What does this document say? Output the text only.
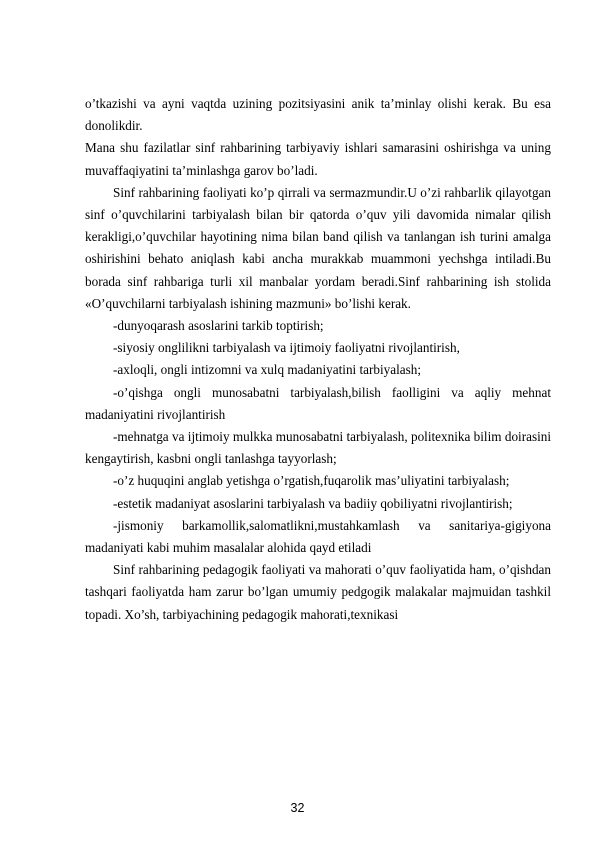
o’tkazishi va ayni vaqtda uzining pozitsiyasini anik ta’minlay olishi kerak. Bu esa donolikdir.

Mana shu fazilatlar sinf rahbarining tarbiyaviy ishlari samarasini oshirishga va uning muvaffaqiyatini ta’minlashga garov bo’ladi.

Sinf rahbarining faoliyati ko’p qirrali va sermazmundir.U o’zi rahbarlik qilayotgan sinf o’quvchilarini tarbiyalash bilan bir qatorda o’quv yili davomida nimalar qilish kerakligi,o’quvchilar hayotining nima bilan band qilish va tanlangan ish turini amalga oshirishini behato aniqlash kabi ancha murakkab muammoni yechshga intiladi.Bu borada sinf rahbariga turli xil manbalar yordam beradi.Sinf rahbarining ish stolida «O’quvchilarni tarbiyalash ishining mazmuni» bo’lishi kerak.

-dunyoqarash asoslarini tarkib toptirish;

-siyosiy onglilikni tarbiyalash va ijtimoiy faoliyatni rivojlantirish,

-axloqli, ongli intizomni va xulq madaniyatini tarbiyalash;

-o’qishga ongli munosabatni tarbiyalash,bilish faolligini va aqliy mehnat madaniyatini rivojlantirish

-mehnatga va ijtimoiy mulkka munosabatni tarbiyalash, politexnika bilim doirasini kengaytirish, kasbni ongli tanlashga tayyorlash;

-o’z huquqini anglab yetishga o’rgatish,fuqarolik mas’uliyatini tarbiyalash;

-estetik madaniyat asoslarini tarbiyalash va badiiy qobiliyatni rivojlantirish;

-jismoniy barkamollik,salomatlikni,mustahkamlash va sanitariya-gigiyona madaniyati kabi muhim masalalar alohida qayd etiladi

Sinf rahbarining pedagogik faoliyati va mahorati o’quv faoliyatida ham, o’qishdan tashqari faoliyatda ham zarur bo’lgan umumiy pedgogik malakalar majmuidan tashkil topadi. Xo’sh, tarbiyachining pedagogik mahorati,texnikasi

32
